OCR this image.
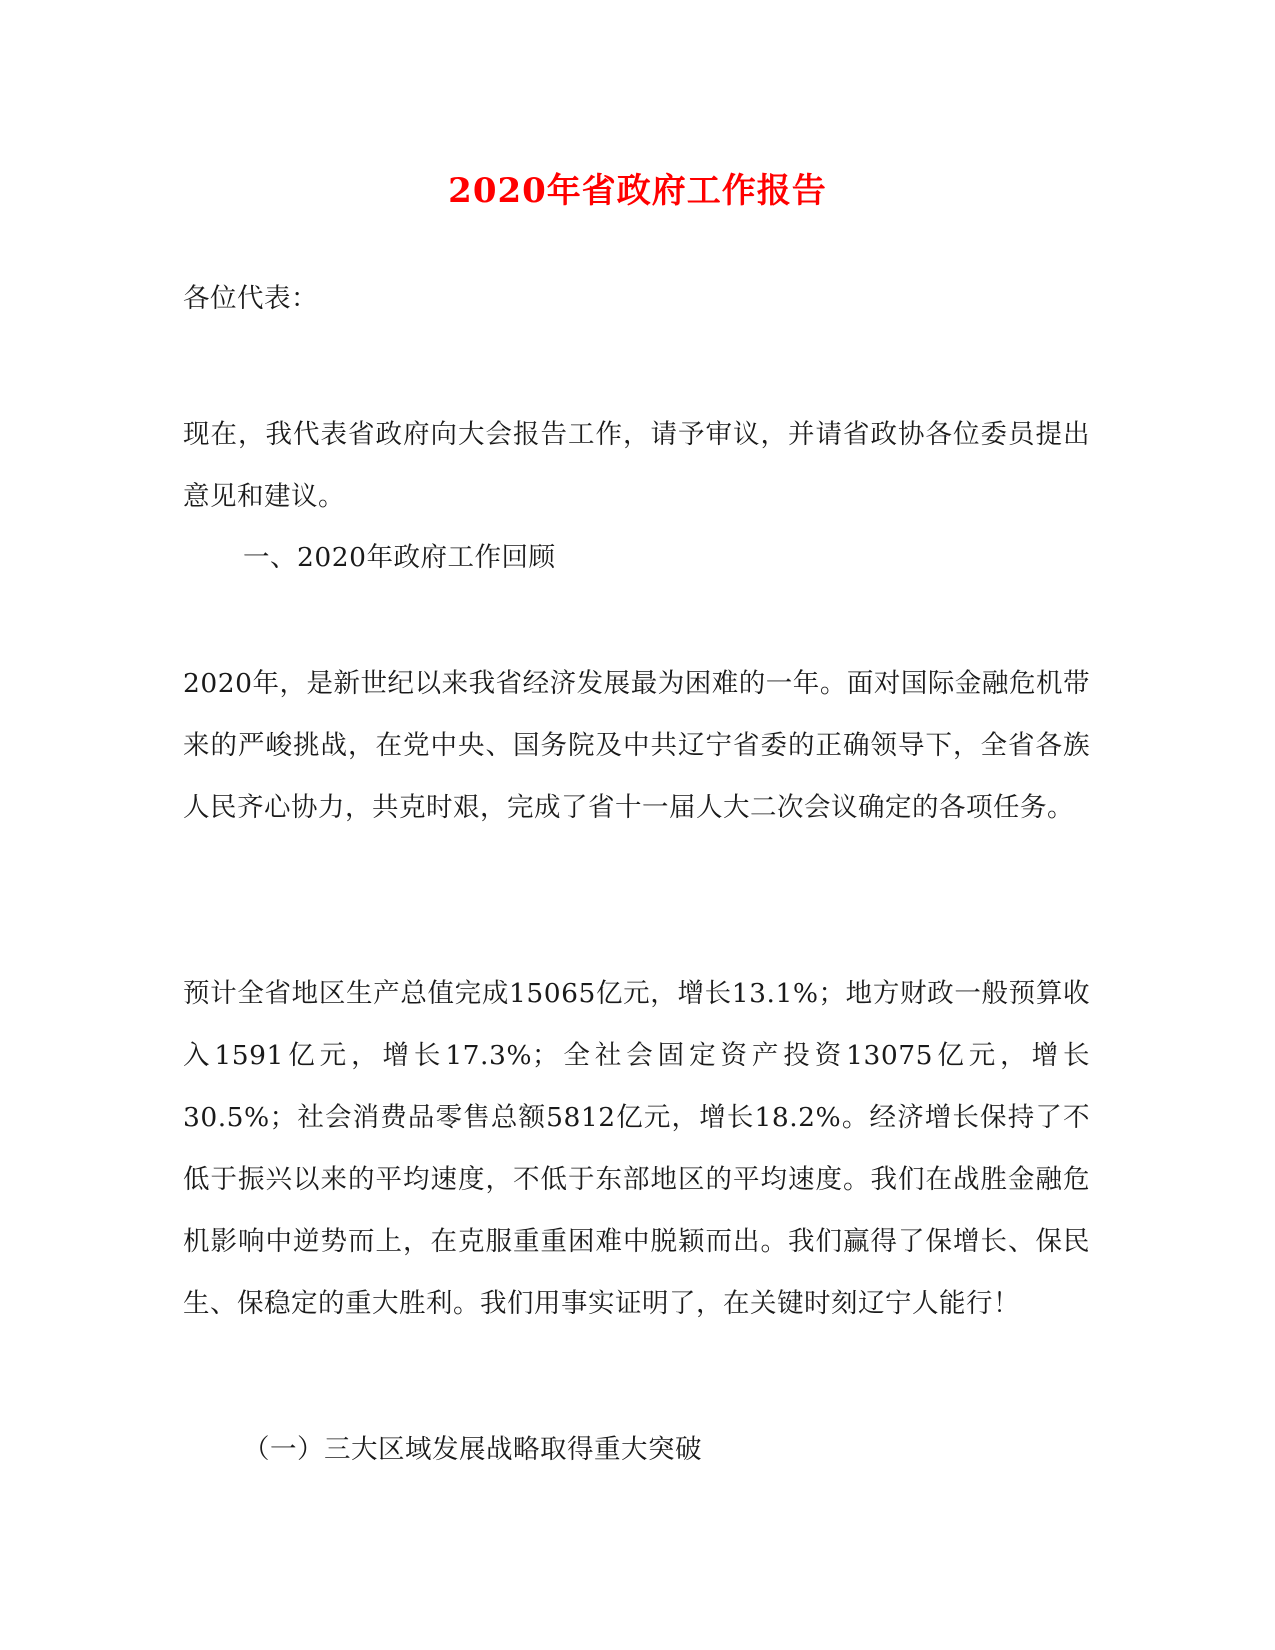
2020年省政府工作报告
各位代表：
现在，我代表省政府向大会报告工作，请予审议，并请省政协各位委员提出意见和建议。
一、2020年政府工作回顾
2020年，是新世纪以来我省经济发展最为困难的一年。面对国际金融危机带来的严峻挑战，在党中央、国务院及中共辽宁省委的正确领导下，全省各族人民齐心协力，共克时艰，完成了省十一届人大二次会议确定的各项任务。
预计全省地区生产总值完成15065亿元，增长13.1%；地方财政一般预算收入1591亿元，增长17.3%；全社会固定资产投资13075亿元，增长30.5%；社会消费品零售总额5812亿元，增长18.2%。经济增长保持了不低于振兴以来的平均速度，不低于东部地区的平均速度。我们在战胜金融危机影响中逆势而上，在克服重重困难中脱颖而出。我们赢得了保增长、保民生、保稳定的重大胜利。我们用事实证明了，在关键时刻辽宁人能行！
（一）三大区域发展战略取得重大突破
